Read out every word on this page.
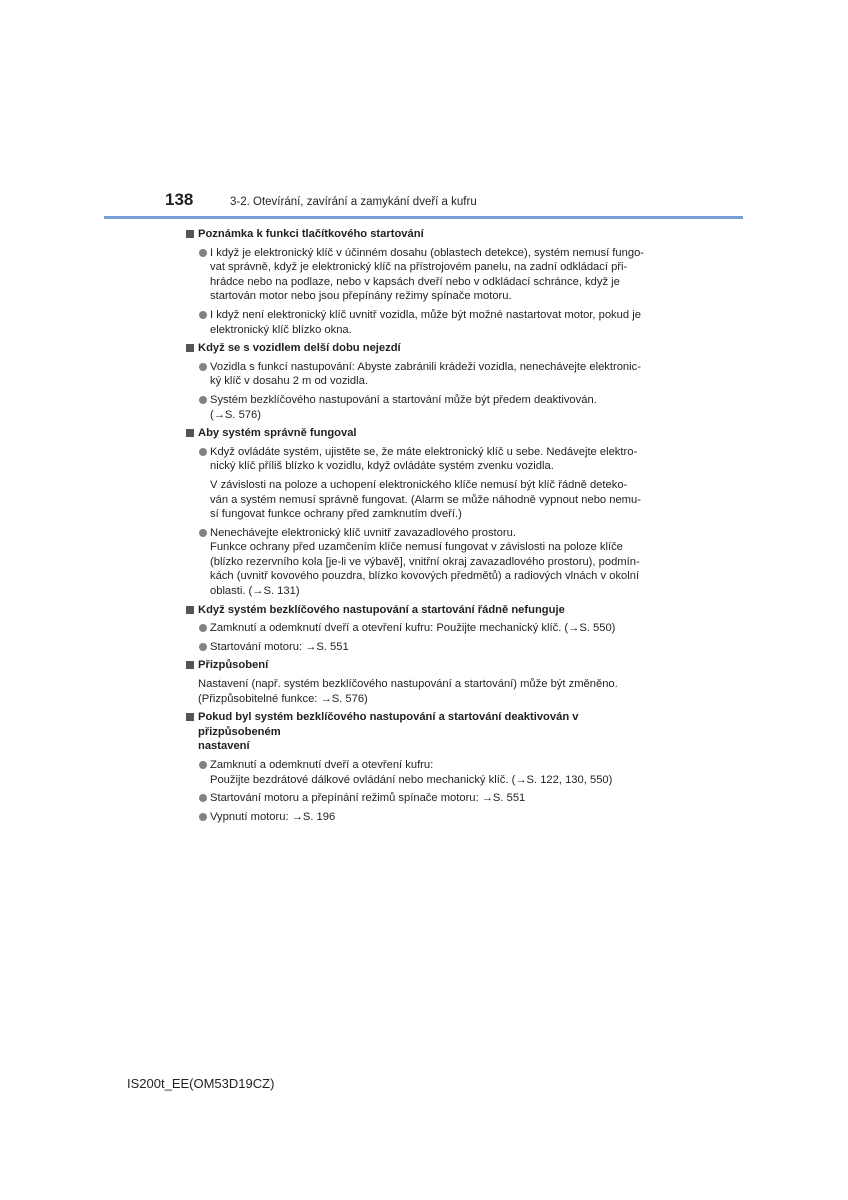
138	3-2. Otevírání, zavírání a zamykání dveří a kufru
Poznámka k funkci tlačítkového startování
I když je elektronický klíč v účinném dosahu (oblastech detekce), systém nemusí fungo-
vat správně, když je elektronický klíč na přístrojovém panelu, na zadní odkládací při-
hrádce nebo na podlaze, nebo v kapsách dveří nebo v odkládací schránce, když je
startován motor nebo jsou přepínány režimy spínače motoru.
I když není elektronický klíč uvnitř vozidla, může být možné nastartovat motor, pokud je
elektronický klíč blízko okna.
Když se s vozidlem delší dobu nejezdí
Vozidla s funkcí nastupování: Abyste zabránili krádeži vozidla, nenechávejte elektronic-
ký klíč v dosahu 2 m od vozidla.
Systém bezklíčového nastupování a startování může být předem deaktivován.
(→S. 576)
Aby systém správně fungoval
Když ovládáte systém, ujistěte se, že máte elektronický klíč u sebe. Nedávejte elektro-
nický klíč příliš blízko k vozidlu, když ovládáte systém zvenku vozidla.
V závislosti na poloze a uchopení elektronického klíče nemusí být klíč řádně deteko-
ván a systém nemusí správně fungovat. (Alarm se může náhodně vypnout nebo nemu-
sí fungovat funkce ochrany před zamknutím dveří.)
Nenechávejte elektronický klíč uvnitř zavazadlového prostoru.
Funkce ochrany před uzamčením klíče nemusí fungovat v závislosti na poloze klíče
(blízko rezervního kola [je-li ve výbavě], vnitřní okraj zavazadlového prostoru), podmín-
kách (uvnitř kovového pouzdra, blízko kovových předmětů) a radiových vlnách v okolní
oblasti. (→S. 131)
Když systém bezklíčového nastupování a startování řádně nefunguje
Zamknutí a odemknutí dveří a otevření kufru: Použijte mechanický klíč. (→S. 550)
Startování motoru: →S. 551
Přizpůsobení
Nastavení (např. systém bezklíčového nastupování a startování) může být změněno.
(Přizpůsobitelné funkce: →S. 576)
Pokud byl systém bezklíčového nastupování a startování deaktivován v přizpůsobeném
nastavení
Zamknutí a odemknutí dveří a otevření kufru:
Použijte bezdrátové dálkové ovládání nebo mechanický klíč. (→S. 122, 130, 550)
Startování motoru a přepínání režimů spínače motoru: →S. 551
Vypnutí motoru: →S. 196
IS200t_EE(OM53D19CZ)
